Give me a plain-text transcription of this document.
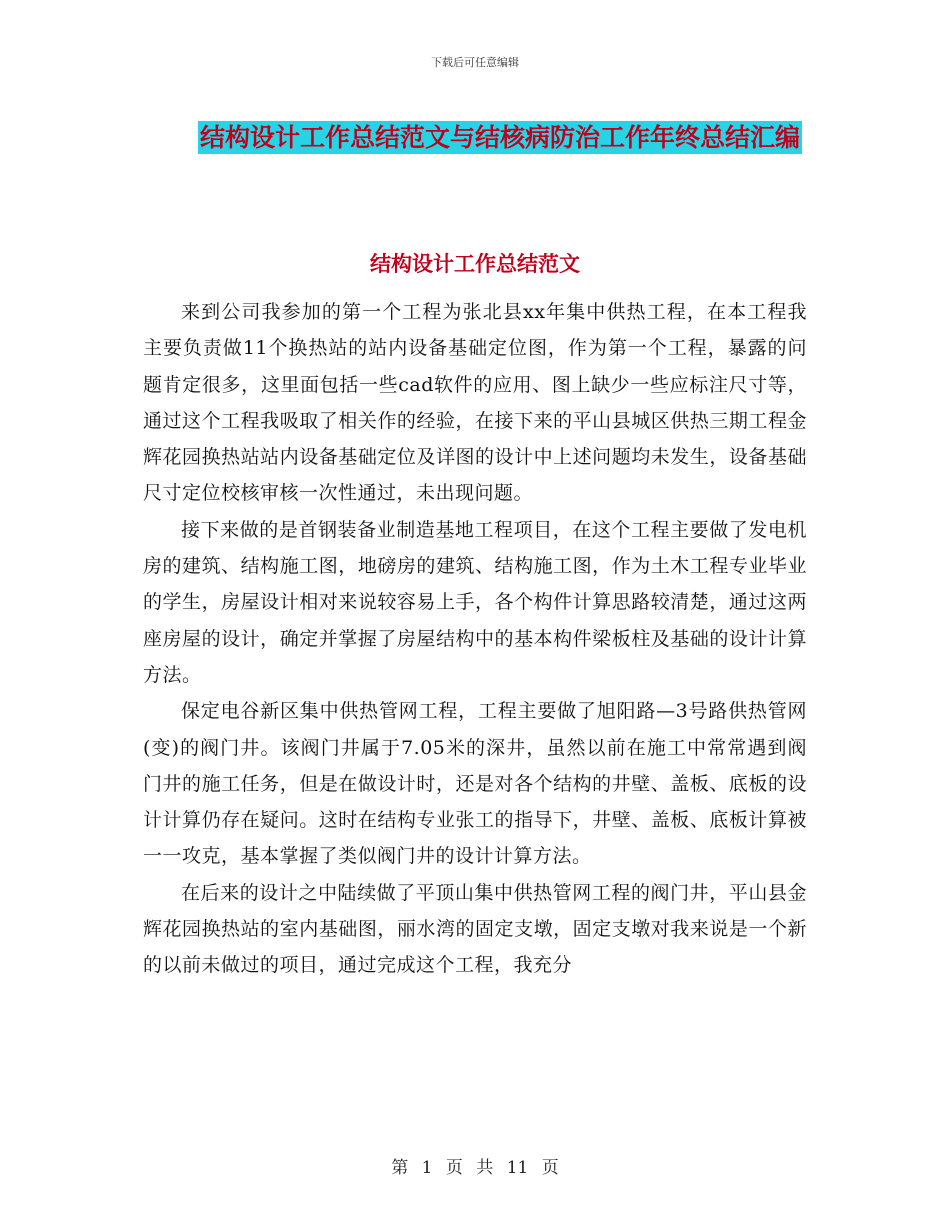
下载后可任意编辑
结构设计工作总结范文与结核病防治工作年终总结汇编
结构设计工作总结范文

来到公司我参加的第一个工程为张北县xx年集中供热工程，在本工程我主要负责做11个换热站的站内设备基础定位图，作为第一个工程，暴露的问题肯定很多，这里面包括一些cad软件的应用、图上缺少一些应标注尺寸等，通过这个工程我吸取了相关作的经验，在接下来的平山县城区供热三期工程金辉花园换热站站内设备基础定位及详图的设计中上述问题均未发生，设备基础尺寸定位校核审核一次性通过，未出现问题。

接下来做的是首钢装备业制造基地工程项目，在这个工程主要做了发电机房的建筑、结构施工图，地磅房的建筑、结构施工图，作为土木工程专业毕业的学生，房屋设计相对来说较容易上手，各个构件计算思路较清楚，通过这两座房屋的设计，确定并掌握了房屋结构中的基本构件梁板柱及基础的设计计算方法。

保定电谷新区集中供热管网工程，工程主要做了旭阳路—3号路供热管网(变)的阀门井。该阀门井属于7.05米的深井，虽然以前在施工中常常遇到阀门井的施工任务，但是在做设计时，还是对各个结构的井壁、盖板、底板的设计计算仍存在疑问。这时在结构专业张工的指导下，井壁、盖板、底板计算被一一攻克，基本掌握了类似阀门井的设计计算方法。

在后来的设计之中陆续做了平顶山集中供热管网工程的阀门井，平山县金辉花园换热站的室内基础图，丽水湾的固定支墩，固定支墩对我来说是一个新的以前未做过的项目，通过完成这个工程，我充分

第 1 页 共 11 页
